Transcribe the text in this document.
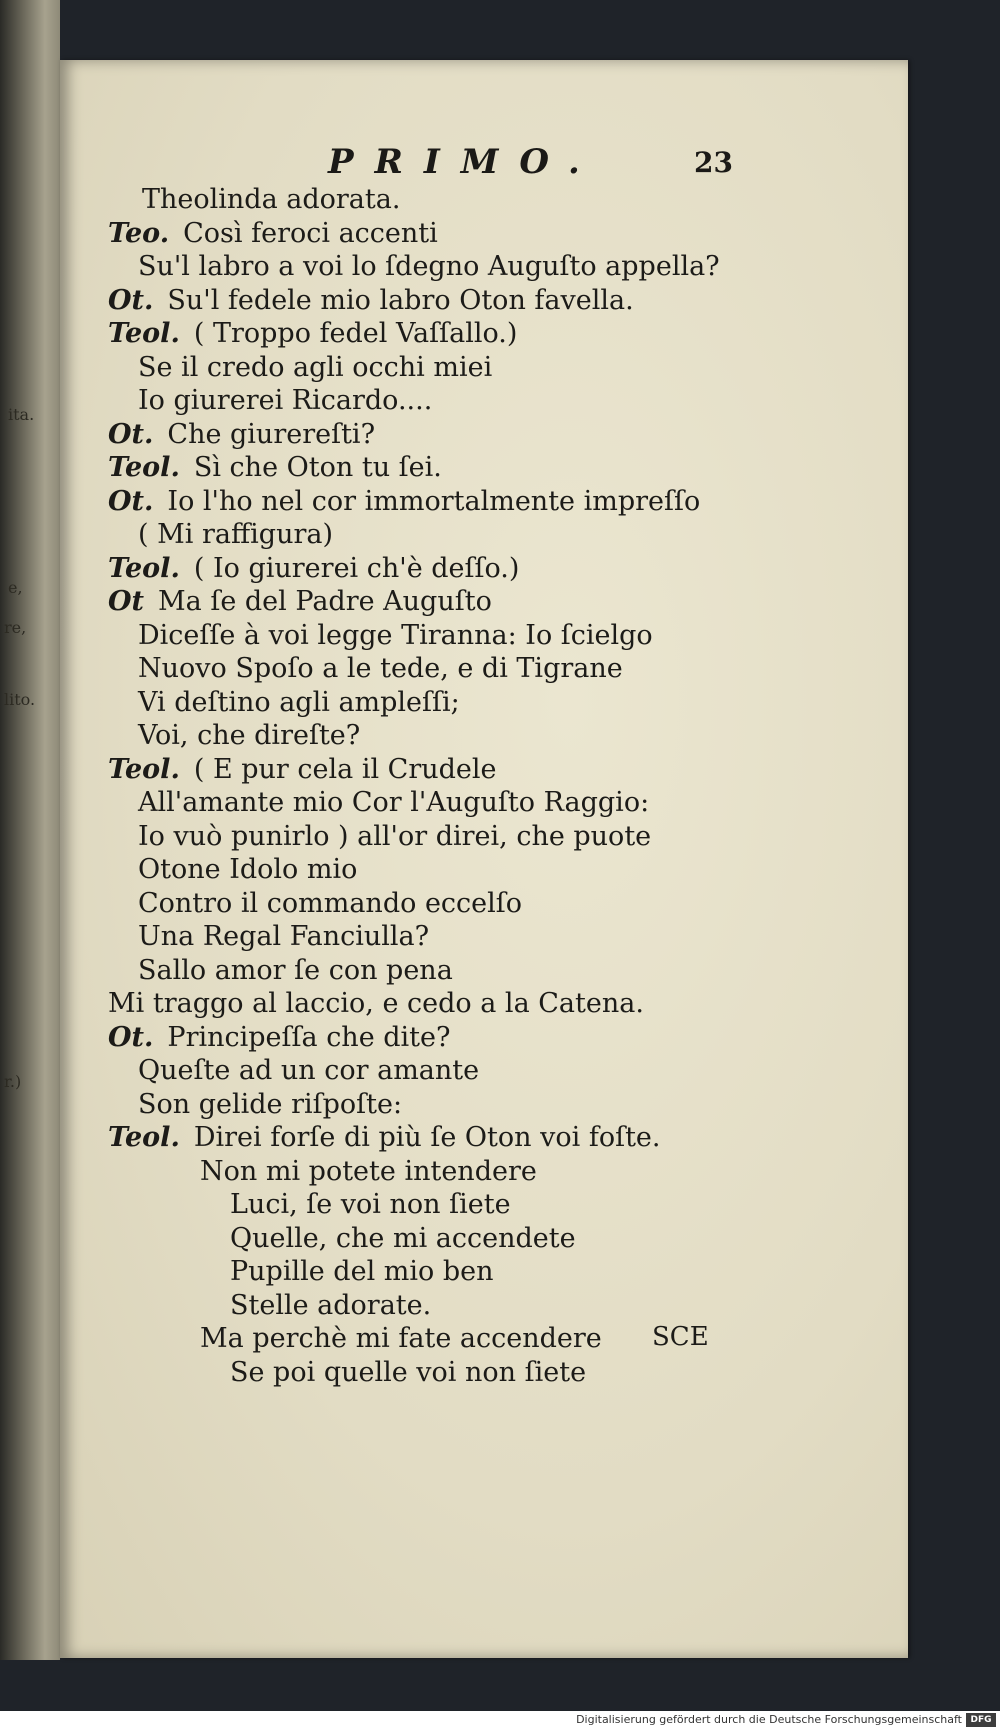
ita.
e,
re,
lito.
r.)
PRIMO.	23
Theolinda adorata.
Teo. Così feroci accenti
Su'l labro a voi lo ſdegno Auguſto appella?
Ot. Su'l fedele mio labro Oton favella.
Teol. ( Troppo fedel Vaſſallo.)
Se il credo agli occhi miei
Io giurerei Ricardo....
Ot. Che giurereſti?
Teol. Sì che Oton tu ſei.
Ot. Io l'ho nel cor immortalmente impreſſo
( Mi raffigura)
Teol. ( Io giurerei ch'è deſſo.)
Ot Ma ſe del Padre Auguſto
Diceſſe à voi legge Tiranna: Io ſcielgo
Nuovo Spoſo a le tede, e di Tigrane
Vi deſtino agli ampleſſi;
Voi, che direſte?
Teol. ( E pur cela il Crudele
All'amante mio Cor l'Auguſto Raggio:
Io vuò punirlo ) all'or direi, che puote
Otone Idolo mio
Contro il commando eccelſo
Una Regal Fanciulla?
Sallo amor ſe con pena
Mi traggo al laccio, e cedo a la Catena.
Ot. Principeſſa che dite?
Queſte ad un cor amante
Son gelide riſpoſte:
Teol. Direi forſe di più ſe Oton voi foſte.
Non mi potete intendere
Luci, ſe voi non ſiete
Quelle, che mi accendete
Pupille del mio ben
Stelle adorate.
Ma perchè mi fate accendere
Se poi quelle voi non ſiete
SCE
Digitalisierung gefördert durch die Deutsche Forschungsgemeinschaft DFG
